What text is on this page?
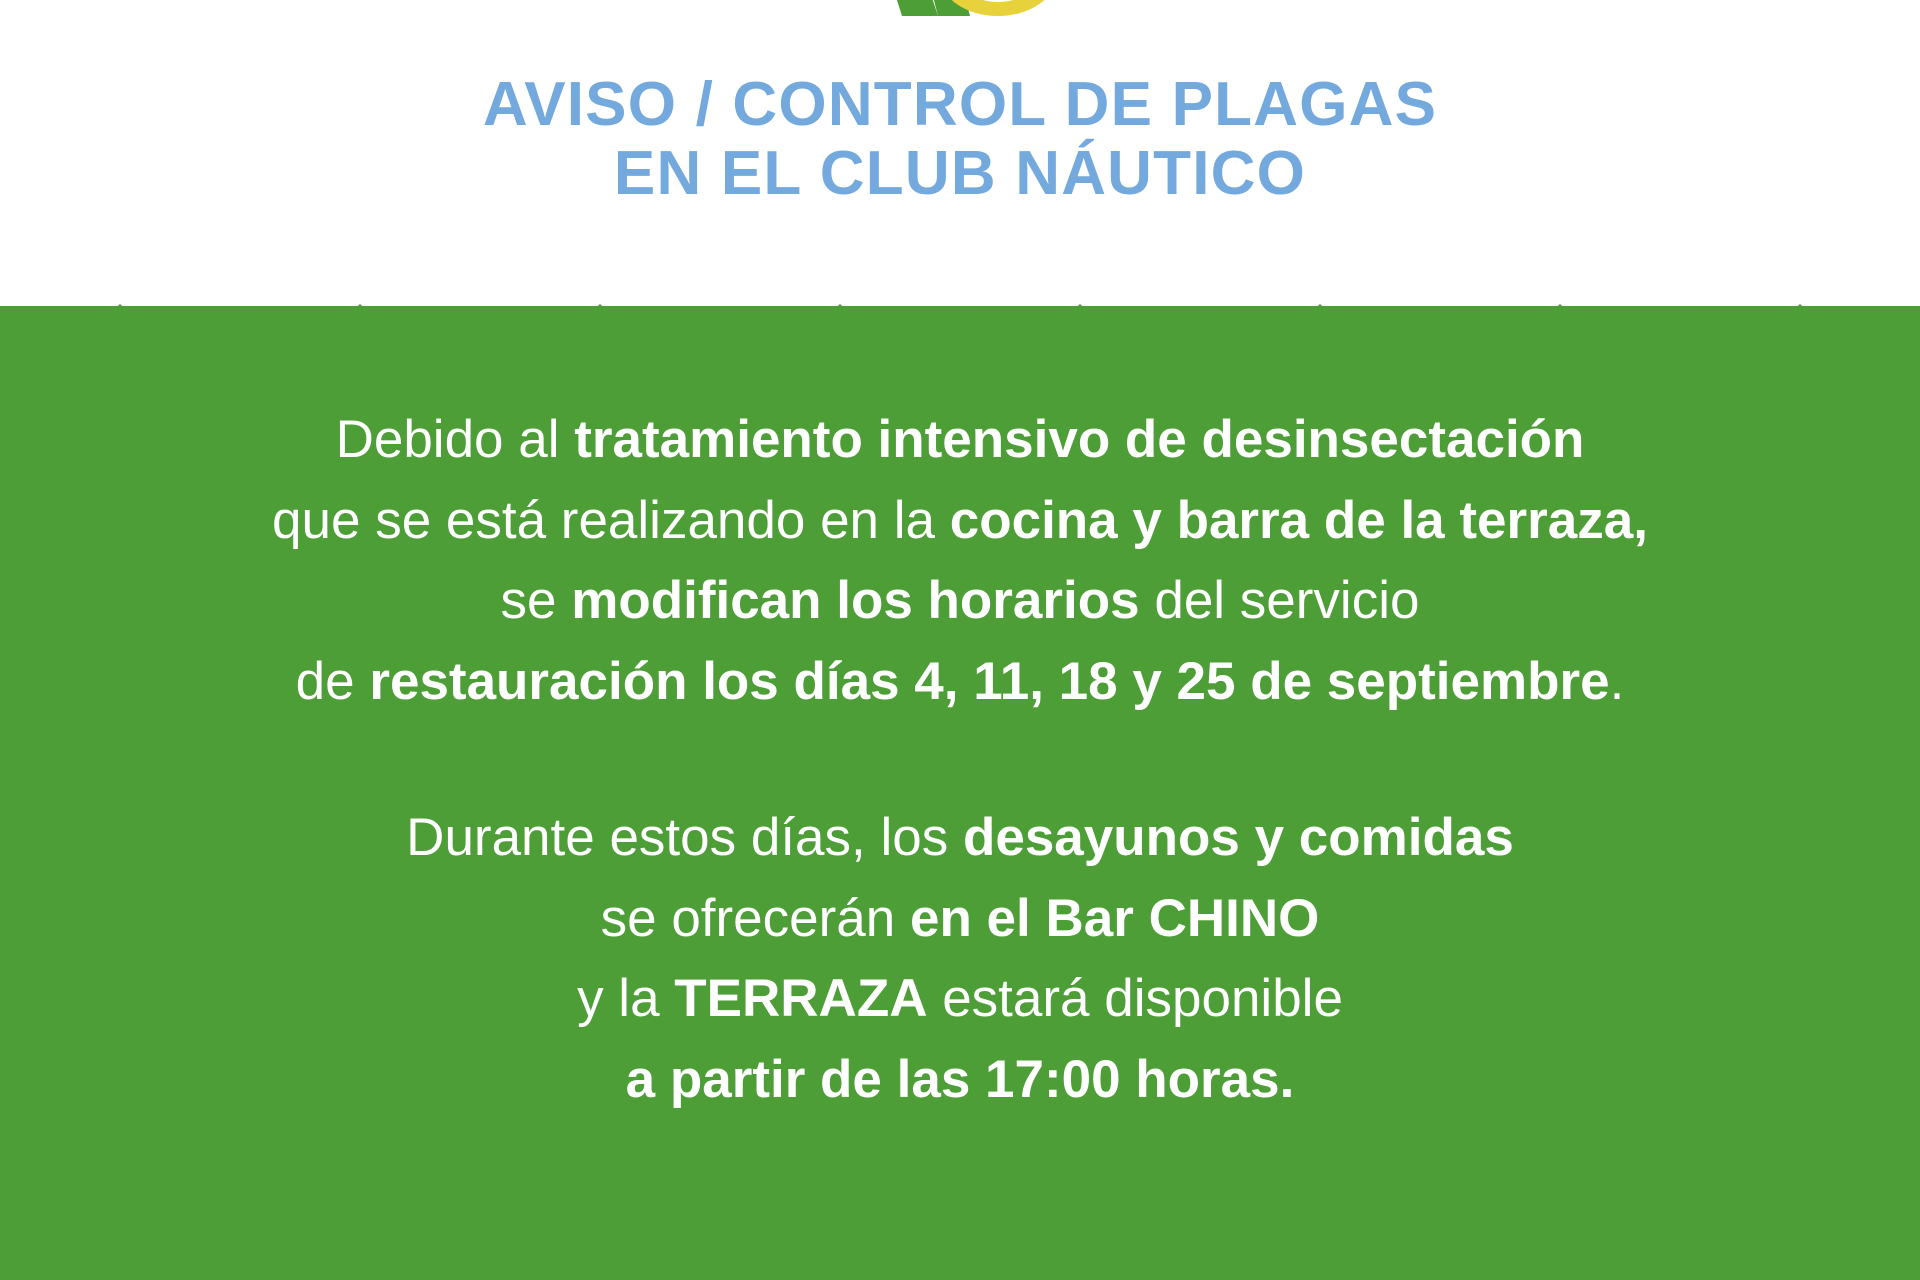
AVISO / CONTROL DE PLAGAS
EN EL CLUB NÁUTICO

Debido al tratamiento intensivo de desinsectación
que se está realizando en la cocina y barra de la terraza,
se modifican los horarios del servicio
de restauración los días 4, 11, 18 y 25 de septiembre.

Durante estos días, los desayunos y comidas
se ofrecerán en el Bar CHINO
y la TERRAZA estará disponible
a partir de las 17:00 horas.
